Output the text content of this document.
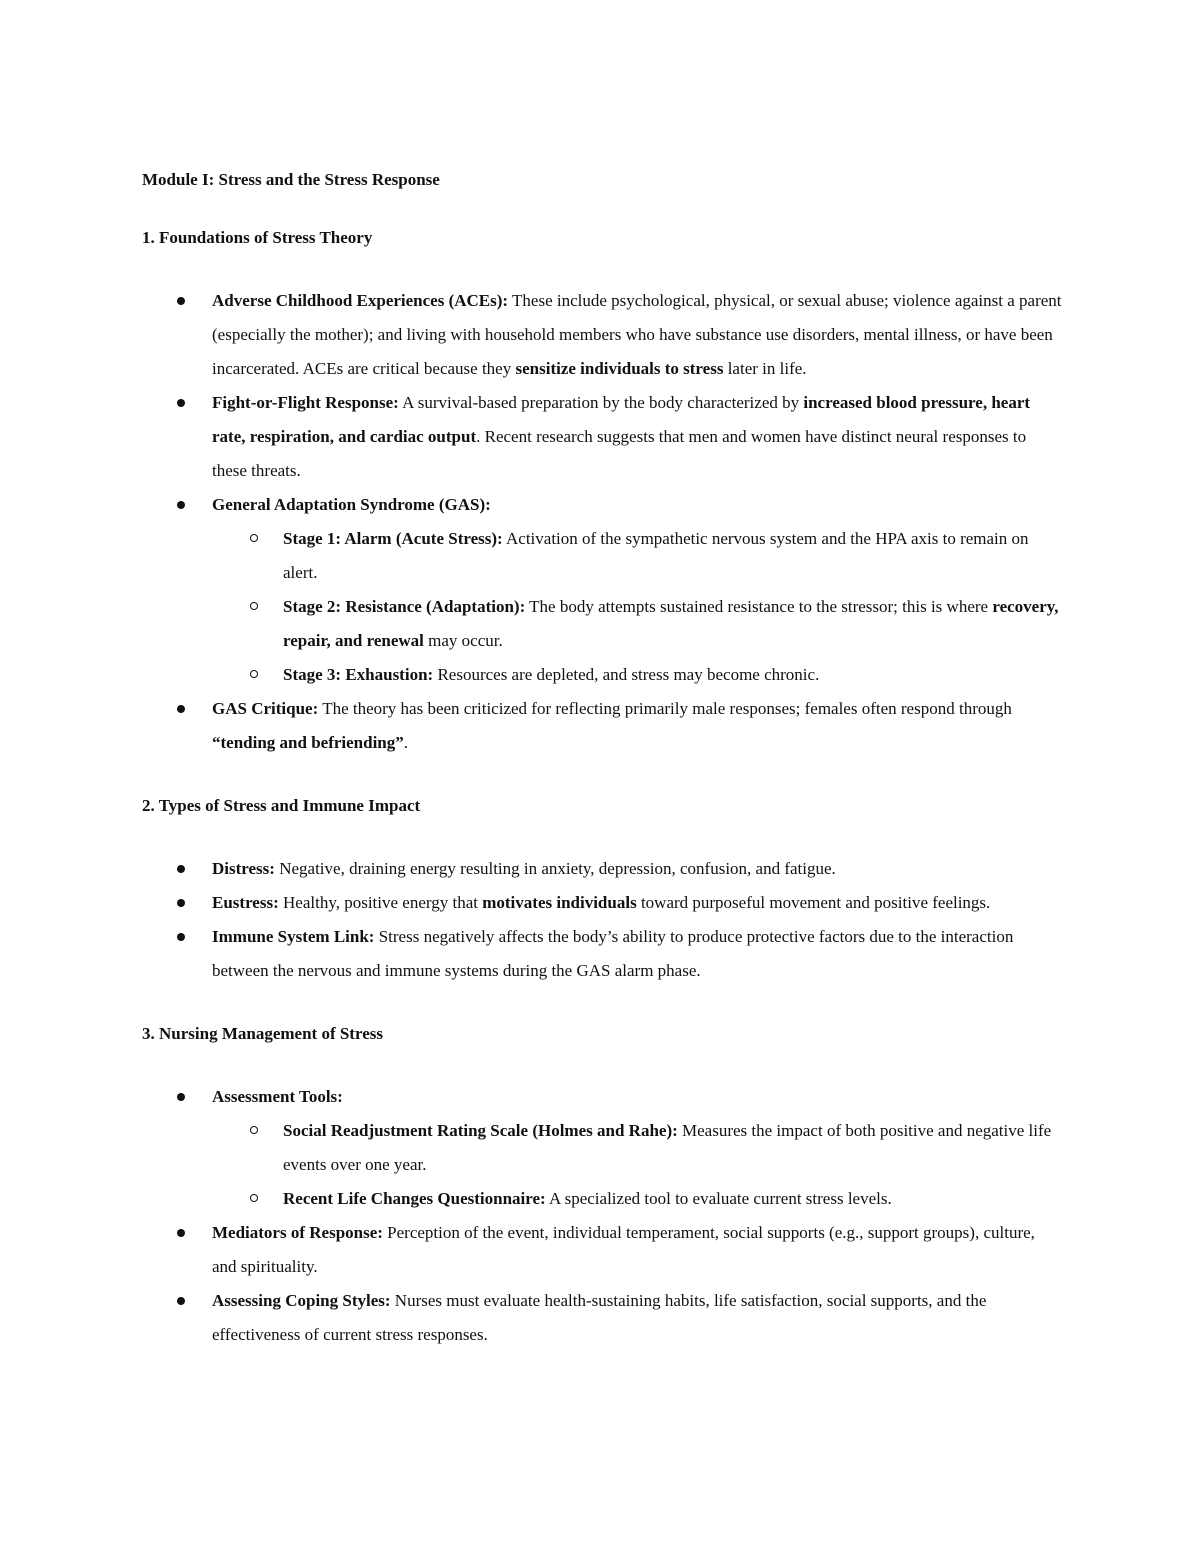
Module I: Stress and the Stress Response
1. Foundations of Stress Theory
Adverse Childhood Experiences (ACEs): These include psychological, physical, or sexual abuse; violence against a parent (especially the mother); and living with household members who have substance use disorders, mental illness, or have been incarcerated. ACEs are critical because they sensitize individuals to stress later in life.
Fight-or-Flight Response: A survival-based preparation by the body characterized by increased blood pressure, heart rate, respiration, and cardiac output. Recent research suggests that men and women have distinct neural responses to these threats.
General Adaptation Syndrome (GAS):
Stage 1: Alarm (Acute Stress): Activation of the sympathetic nervous system and the HPA axis to remain on alert.
Stage 2: Resistance (Adaptation): The body attempts sustained resistance to the stressor; this is where recovery, repair, and renewal may occur.
Stage 3: Exhaustion: Resources are depleted, and stress may become chronic.
GAS Critique: The theory has been criticized for reflecting primarily male responses; females often respond through “tending and befriending”.
2. Types of Stress and Immune Impact
Distress: Negative, draining energy resulting in anxiety, depression, confusion, and fatigue.
Eustress: Healthy, positive energy that motivates individuals toward purposeful movement and positive feelings.
Immune System Link: Stress negatively affects the body’s ability to produce protective factors due to the interaction between the nervous and immune systems during the GAS alarm phase.
3. Nursing Management of Stress
Assessment Tools:
Social Readjustment Rating Scale (Holmes and Rahe): Measures the impact of both positive and negative life events over one year.
Recent Life Changes Questionnaire: A specialized tool to evaluate current stress levels.
Mediators of Response: Perception of the event, individual temperament, social supports (e.g., support groups), culture, and spirituality.
Assessing Coping Styles: Nurses must evaluate health-sustaining habits, life satisfaction, social supports, and the effectiveness of current stress responses.
